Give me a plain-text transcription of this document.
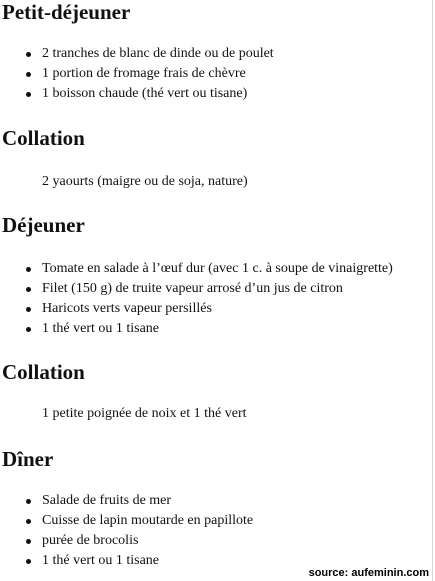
Petit-déjeuner
2 tranches de blanc de dinde ou de poulet
1 portion de fromage frais de chèvre
1 boisson chaude (thé vert ou tisane)
Collation

2 yaourts (maigre ou de soja, nature)

Déjeuner
Tomate en salade à l’œuf dur (avec 1 c. à soupe de vinaigrette)
Filet (150 g) de truite vapeur arrosé d’un jus de citron
Haricots verts vapeur persillés
1 thé vert ou 1 tisane
Collation

1 petite poignée de noix et 1 thé vert

Dîner
Salade de fruits de mer
Cuisse de lapin moutarde en papillote
purée de brocolis
1 thé vert ou 1 tisane
source: aufeminin.com
